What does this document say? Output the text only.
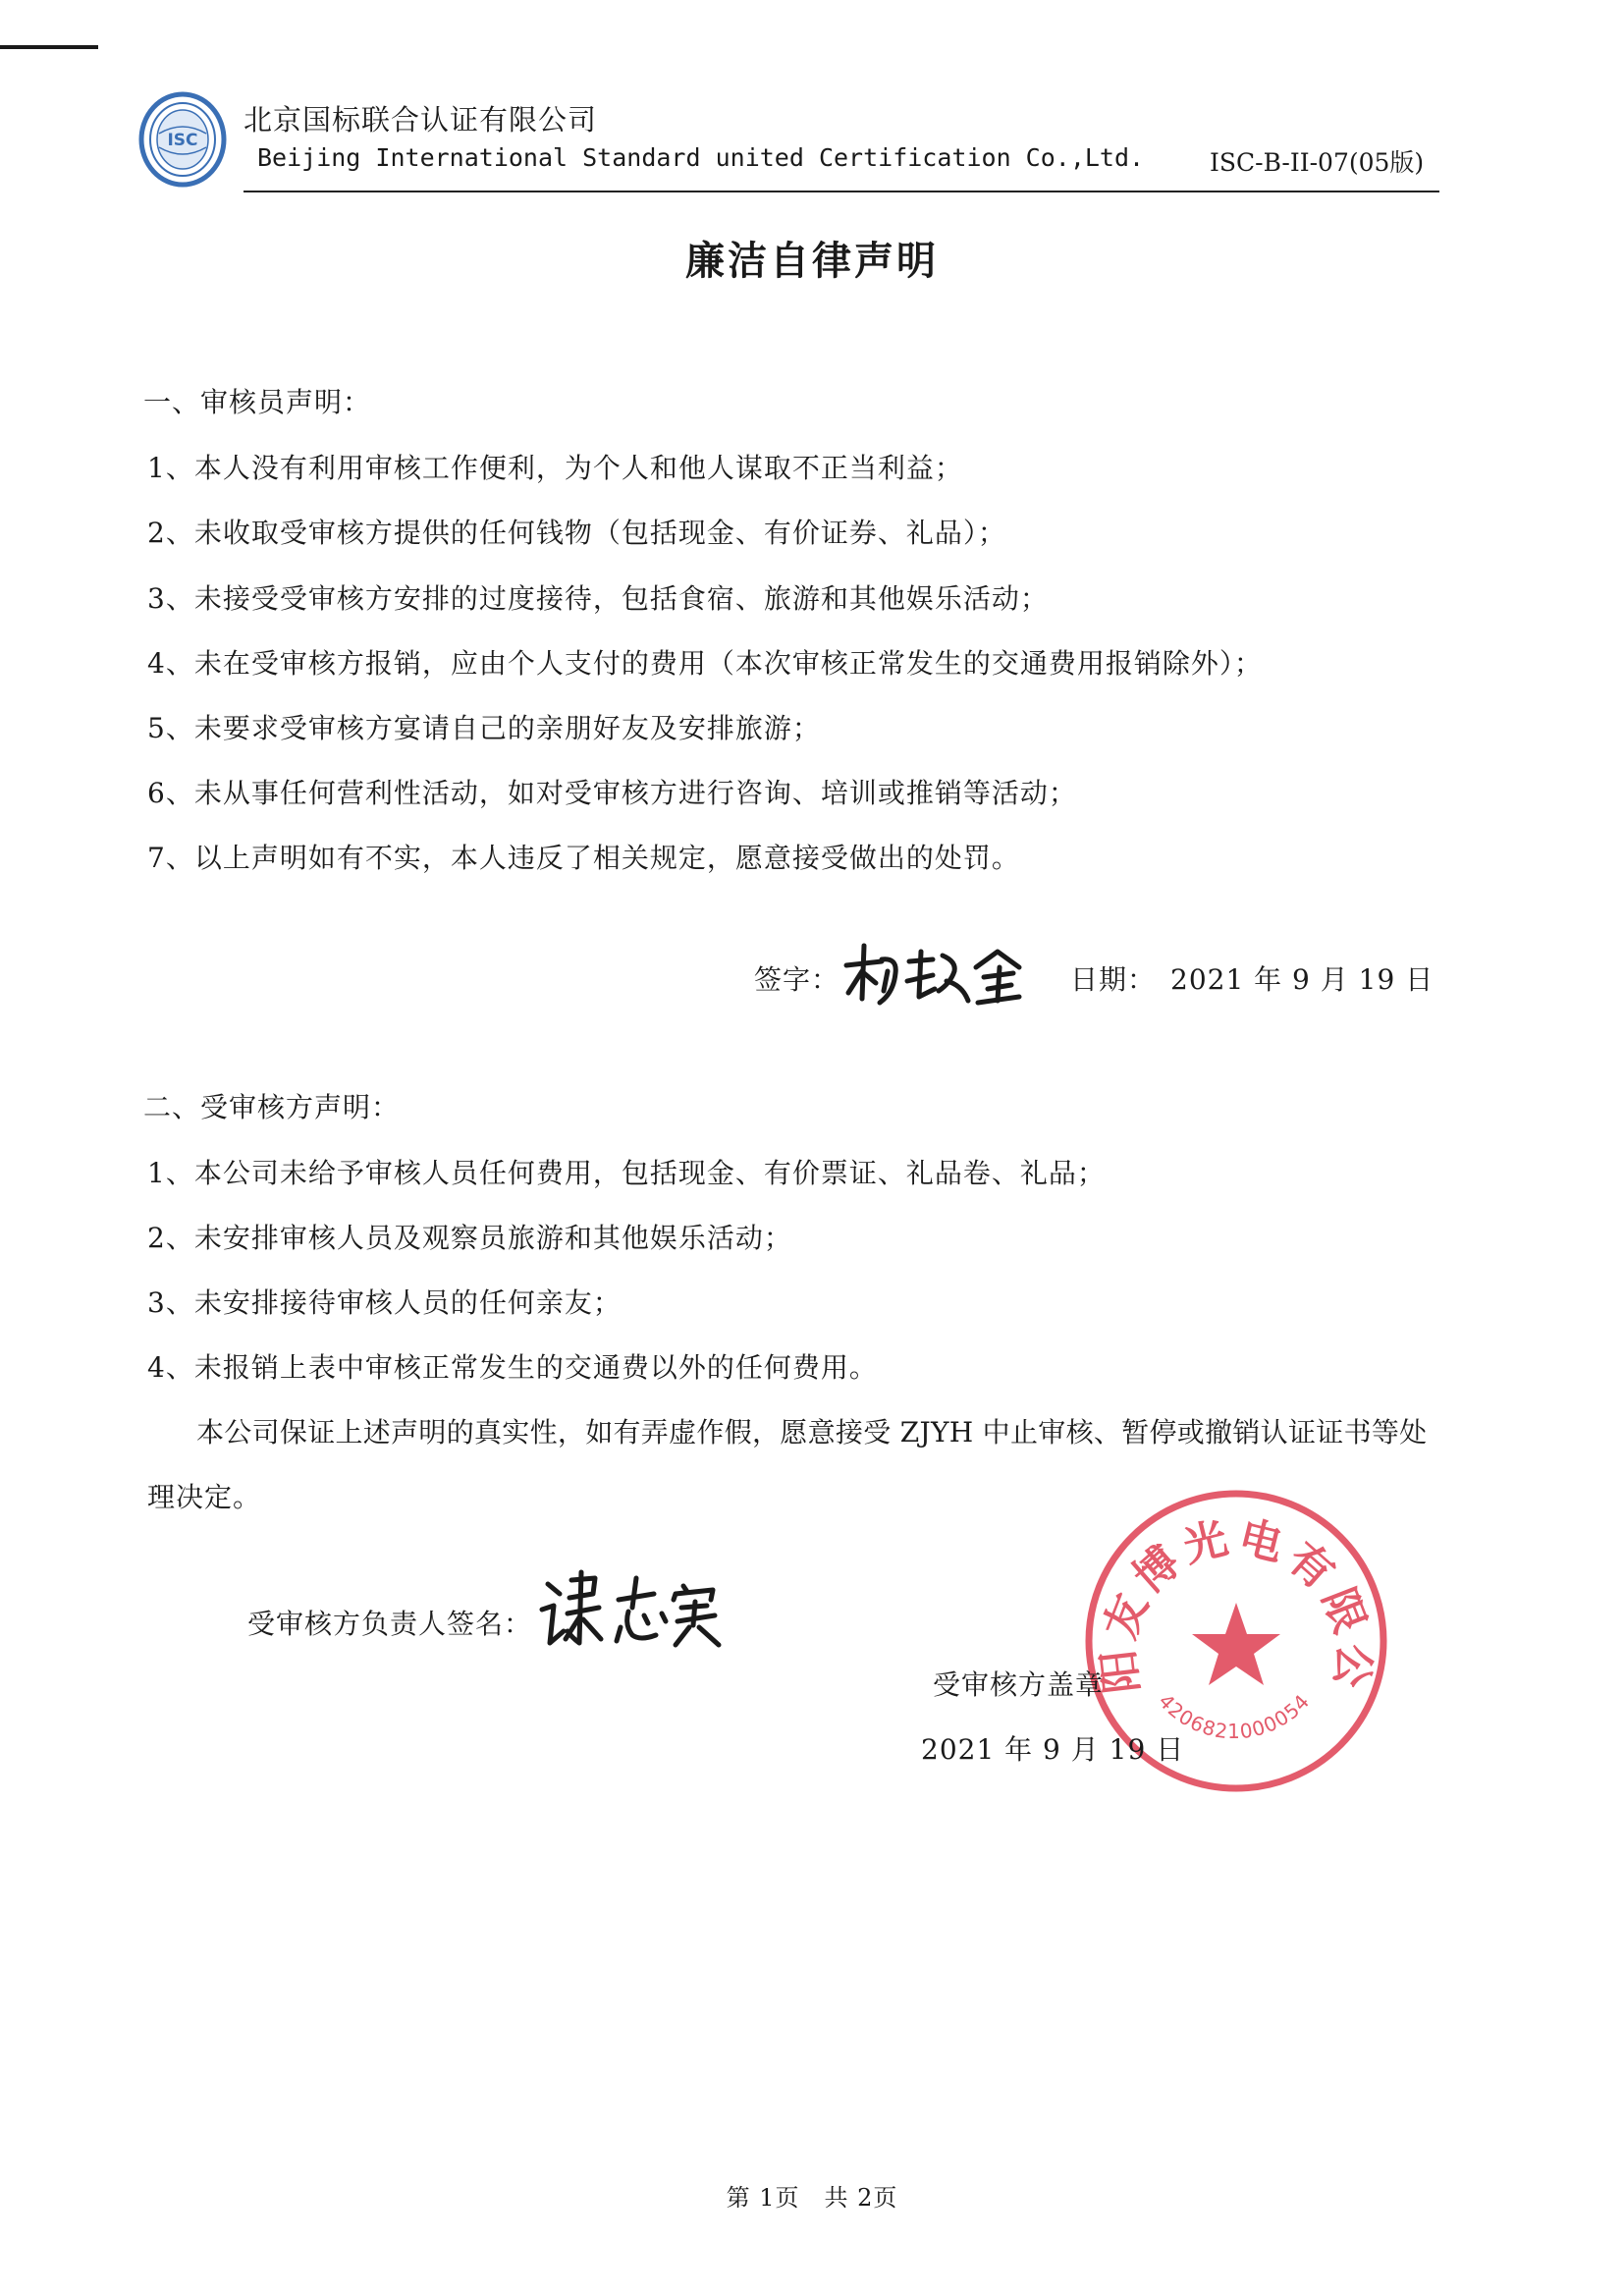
ISC
北京国标联合认证有限公司
Beijing International Standard united Certification Co.,Ltd.	ISC-B-II-07(05版)
廉洁自律声明
一、审核员声明：
1、本人没有利用审核工作便利，为个人和他人谋取不正当利益；
2、未收取受审核方提供的任何钱物（包括现金、有价证券、礼品）；
3、未接受受审核方安排的过度接待，包括食宿、旅游和其他娱乐活动；
4、未在受审核方报销，应由个人支付的费用（本次审核正常发生的交通费用报销除外）；
5、未要求受审核方宴请自己的亲朋好友及安排旅游；
6、未从事任何营利性活动，如对受审核方进行咨询、培训或推销等活动；
7、以上声明如有不实，本人违反了相关规定，愿意接受做出的处罚。
签字：	日期： 2021 年 9 月 19 日
二、受审核方声明：
1、本公司未给予审核人员任何费用，包括现金、有价票证、礼品卷、礼品；
2、未安排审核人员及观察员旅游和其他娱乐活动；
3、未安排接待审核人员的任何亲友；
4、未报销上表中审核正常发生的交通费以外的任何费用。
本公司保证上述声明的真实性，如有弄虚作假，愿意接受 ZJYH 中止审核、暂停或撤销认证证书等处
理决定。
受审核方负责人签名：
阳友博光电有限公
4206821000054
受审核方盖章
2021 年 9 月 19 日
第 1页　共 2页
